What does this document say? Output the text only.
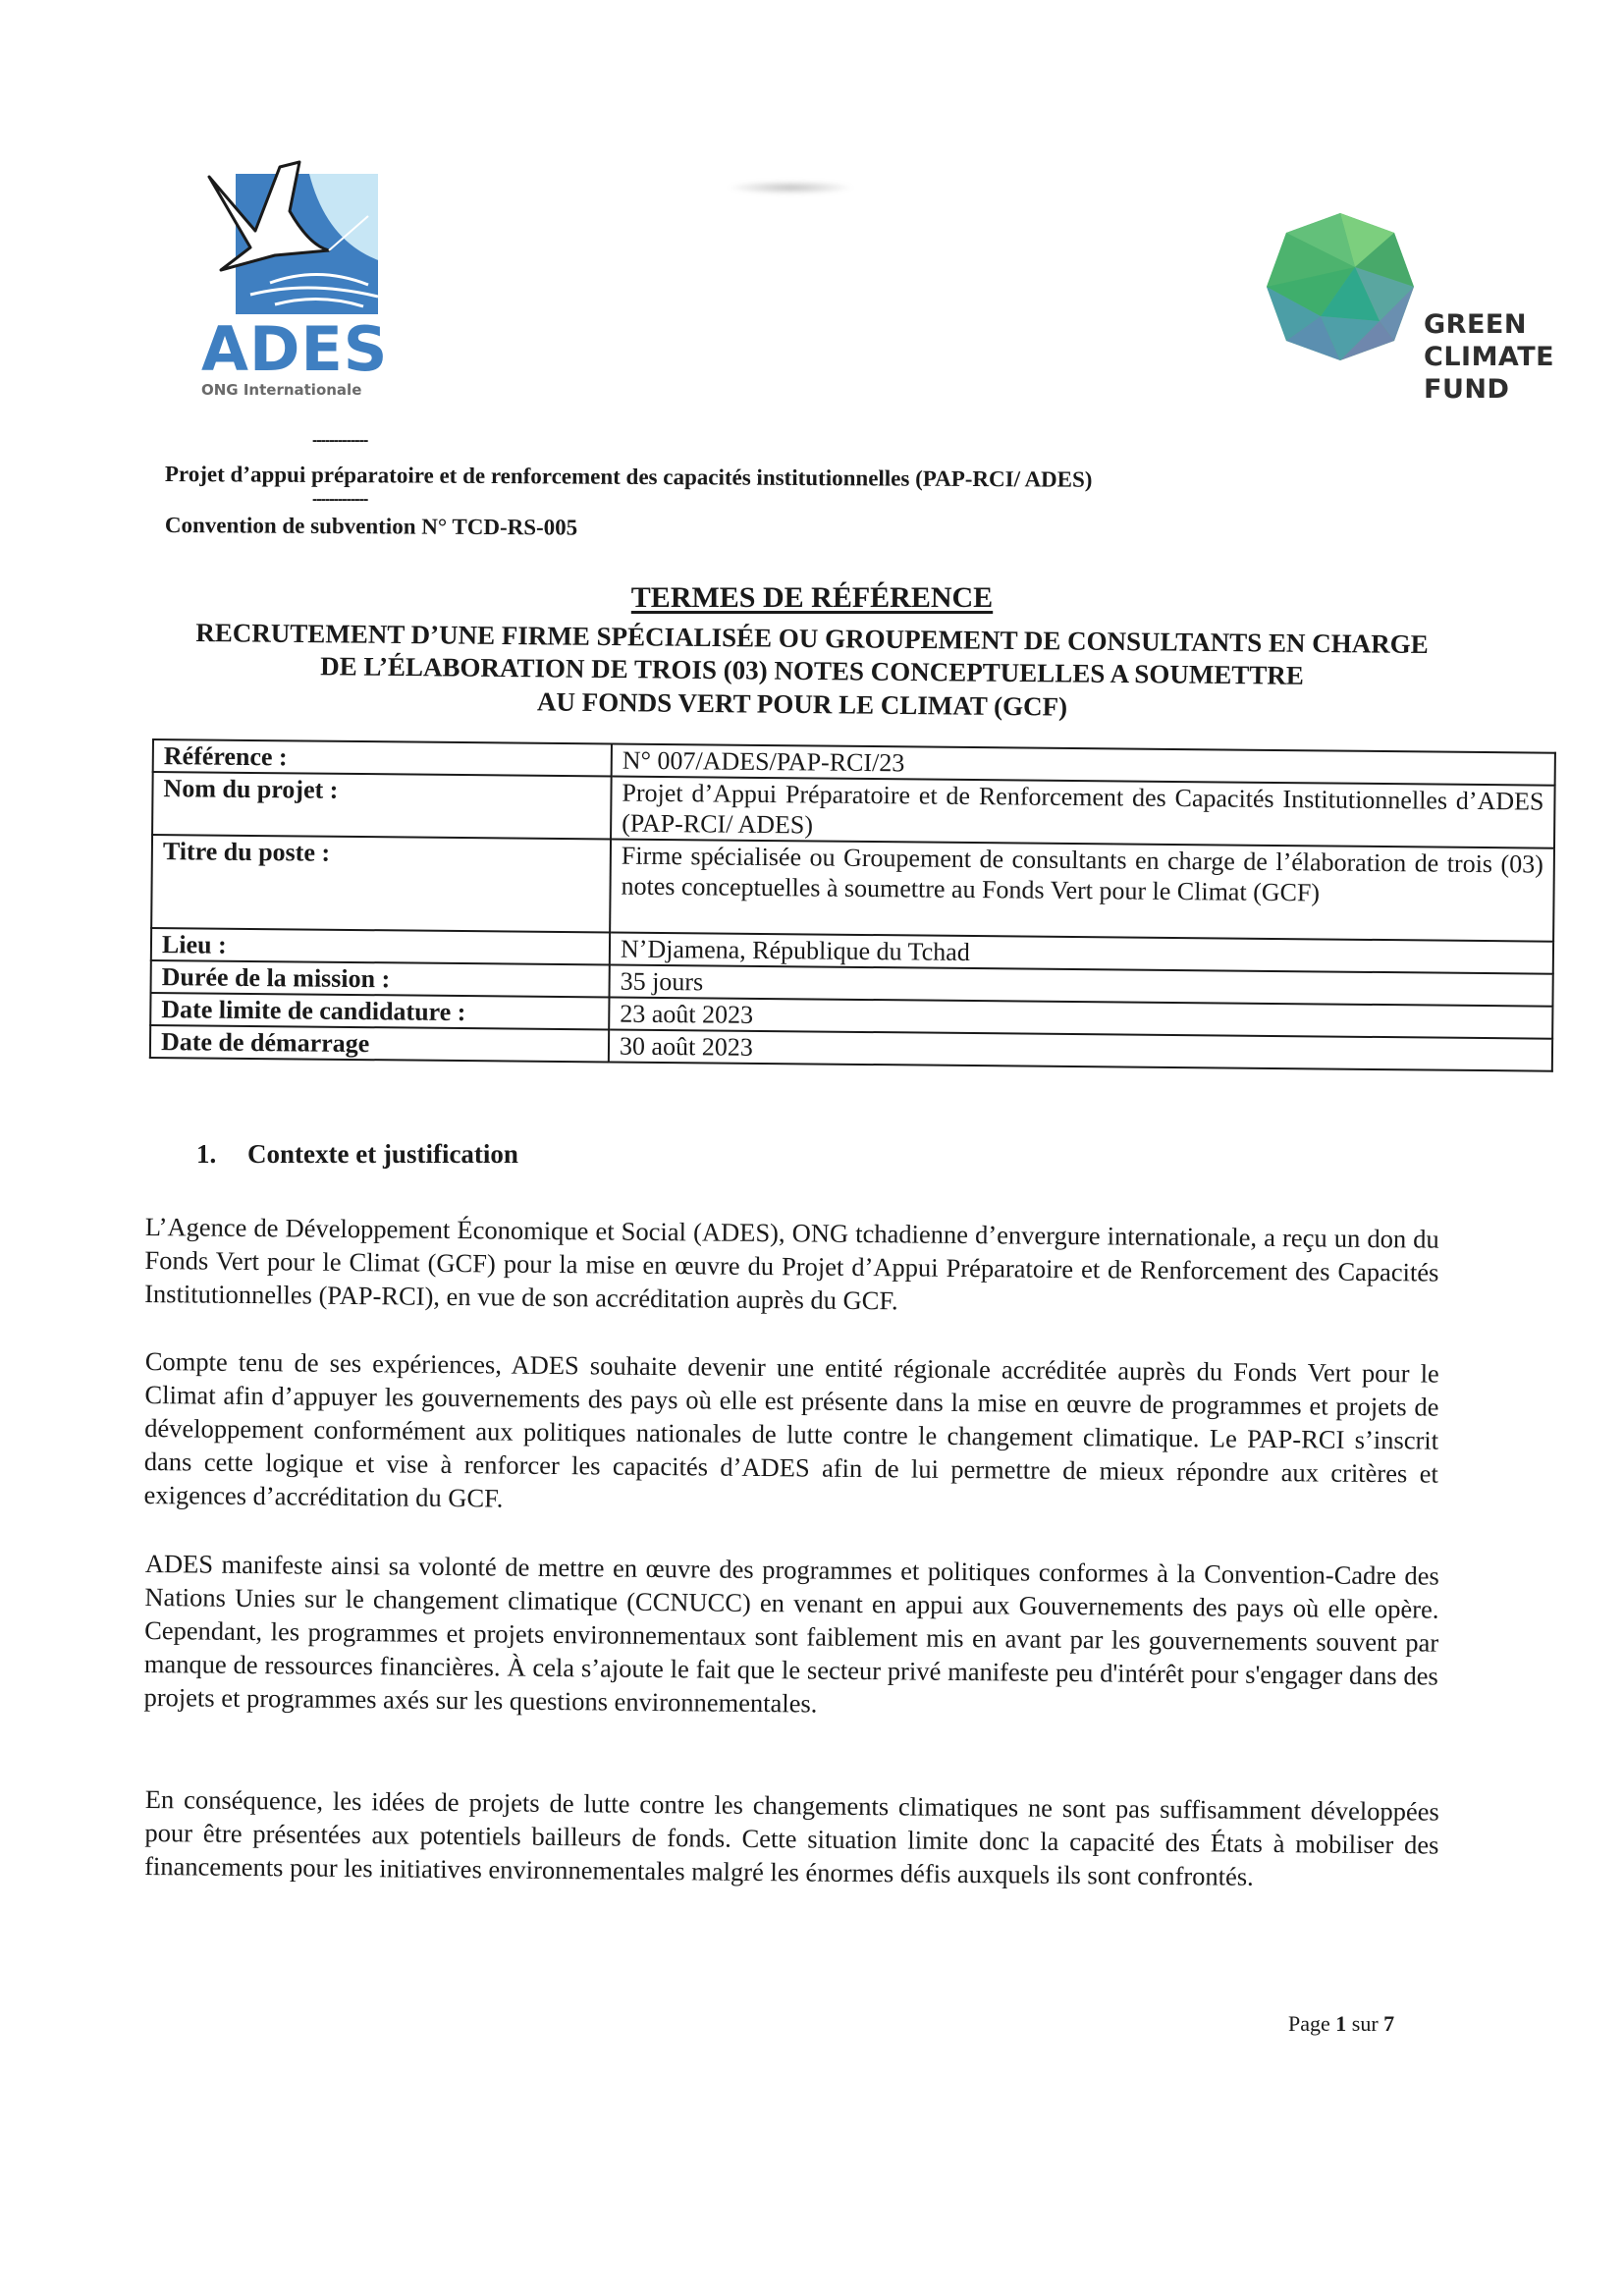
ADES
ONG Internationale
GREEN
CLIMATE
FUND
-------------
Projet d’appui préparatoire et de renforcement des capacités institutionnelles (PAP-RCI/ ADES)
-------------
Convention de subvention N° TCD-RS-005
TERMES DE RÉFÉRENCE
RECRUTEMENT D’UNE FIRME SPÉCIALISÉE OU GROUPEMENT DE CONSULTANTS EN CHARGE
DE L’ÉLABORATION DE TROIS (03) NOTES CONCEPTUELLES A SOUMETTRE
AU FONDS VERT POUR LE CLIMAT (GCF)
Référence :	N° 007/ADES/PAP-RCI/23
Nom du projet :	Projet d’Appui Préparatoire et de Renforcement des Capacités Institutionnelles d’ADES (PAP-RCI/ ADES)
Titre du poste :	Firme spécialisée ou Groupement de consultants en charge de l’élaboration de trois (03) notes conceptuelles à soumettre au Fonds Vert pour le Climat (GCF)
Lieu :	N’Djamena, République du Tchad
Durée de la mission :	35 jours
Date limite de candidature :	23 août 2023
Date de démarrage	30 août 2023
1. Contexte et justification

L’Agence de Développement Économique et Social (ADES), ONG tchadienne d’envergure internationale, a reçu un don du Fonds Vert pour le Climat (GCF) pour la mise en œuvre du Projet d’Appui Préparatoire et de Renforcement des Capacités Institutionnelles (PAP-RCI), en vue de son accréditation auprès du GCF.

Compte tenu de ses expériences, ADES souhaite devenir une entité régionale accréditée auprès du Fonds Vert pour le Climat afin d’appuyer les gouvernements des pays où elle est présente dans la mise en œuvre de programmes et projets de développement conformément aux politiques nationales de lutte contre le changement climatique. Le PAP-RCI s’inscrit dans cette logique et vise à renforcer les capacités d’ADES afin de lui permettre de mieux répondre aux critères et exigences d’accréditation du GCF.

ADES manifeste ainsi sa volonté de mettre en œuvre des programmes et politiques conformes à la Convention-Cadre des Nations Unies sur le changement climatique (CCNUCC) en venant en appui aux Gouvernements des pays où elle opère. Cependant, les programmes et projets environnementaux sont faiblement mis en avant par les gouvernements souvent par manque de ressources financières. À cela s’ajoute le fait que le secteur privé manifeste peu d'intérêt pour s'engager dans des projets et programmes axés sur les questions environnementales.

En conséquence, les idées de projets de lutte contre les changements climatiques ne sont pas suffisamment développées pour être présentées aux potentiels bailleurs de fonds. Cette situation limite donc la capacité des États à mobiliser des financements pour les initiatives environnementales malgré les énormes défis auxquels ils sont confrontés.

Page 1 sur 7
